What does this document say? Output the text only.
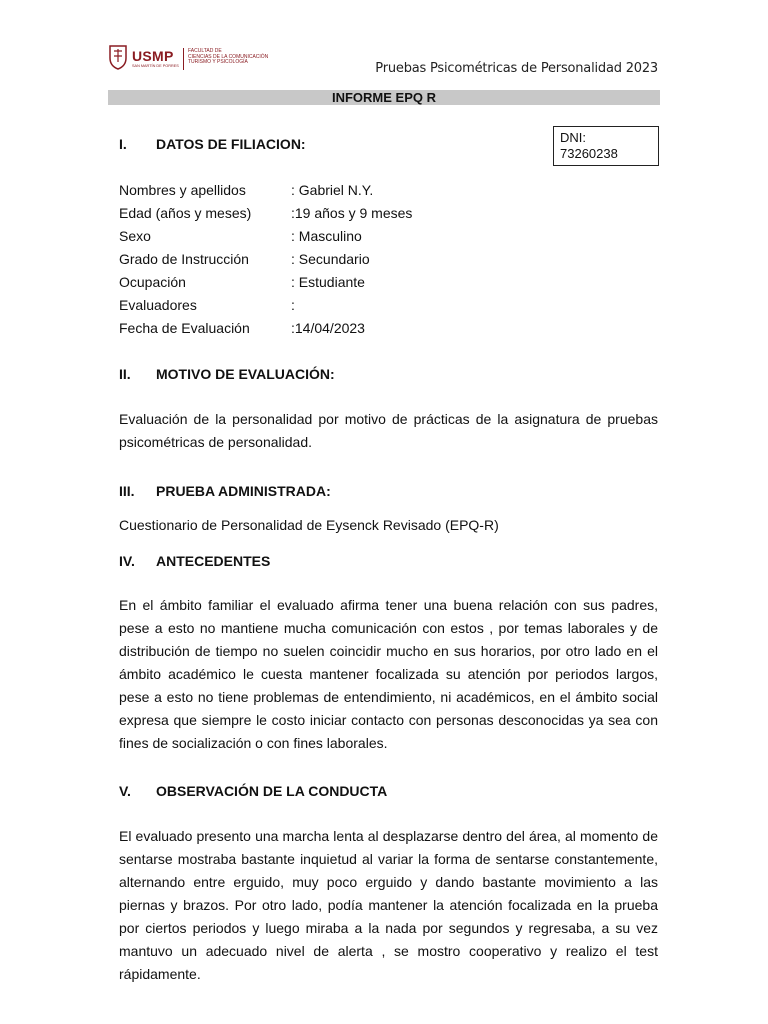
USMP
SAN MARTÍN DE PORRES
FACULTAD DE
CIENCIAS DE LA COMUNICACIÓN
TURISMO Y PSICOLOGÍA	Pruebas Psicométricas de Personalidad 2023
INFORME EPQ R
DNI:
73260238
I. DATOS DE FILIACION:
Nombres y apellidos	: Gabriel N.Y.
Edad (años y meses)	:19 años y 9 meses
Sexo	: Masculino
Grado de Instrucción	: Secundario
Ocupación	: Estudiante
Evaluadores	:
Fecha de Evaluación	:14/04/2023
II. MOTIVO DE EVALUACIÓN:
Evaluación de la personalidad por motivo de prácticas de la asignatura de pruebas psicométricas de personalidad.
III. PRUEBA ADMINISTRADA:
Cuestionario de Personalidad de Eysenck Revisado (EPQ-R)
IV. ANTECEDENTES
En el ámbito familiar el evaluado afirma tener una buena relación con sus padres, pese a esto no mantiene mucha comunicación con estos , por temas laborales y de distribución de tiempo no suelen coincidir mucho en sus horarios, por otro lado en el ámbito académico le cuesta mantener focalizada su atención por periodos largos, pese a esto no tiene problemas de entendimiento, ni académicos, en el ámbito social expresa que siempre le costo iniciar contacto con personas desconocidas ya sea con fines de socialización o con fines laborales.
V. OBSERVACIÓN DE LA CONDUCTA
El evaluado presento una marcha lenta al desplazarse dentro del área, al momento de sentarse mostraba bastante inquietud al variar la forma de sentarse constantemente, alternando entre erguido, muy poco erguido y dando bastante movimiento a las piernas y brazos. Por otro lado, podía mantener la atención focalizada en la prueba por ciertos periodos y luego miraba a la nada por segundos y regresaba, a su vez mantuvo un adecuado nivel de alerta , se mostro cooperativo y realizo el test rápidamente.
